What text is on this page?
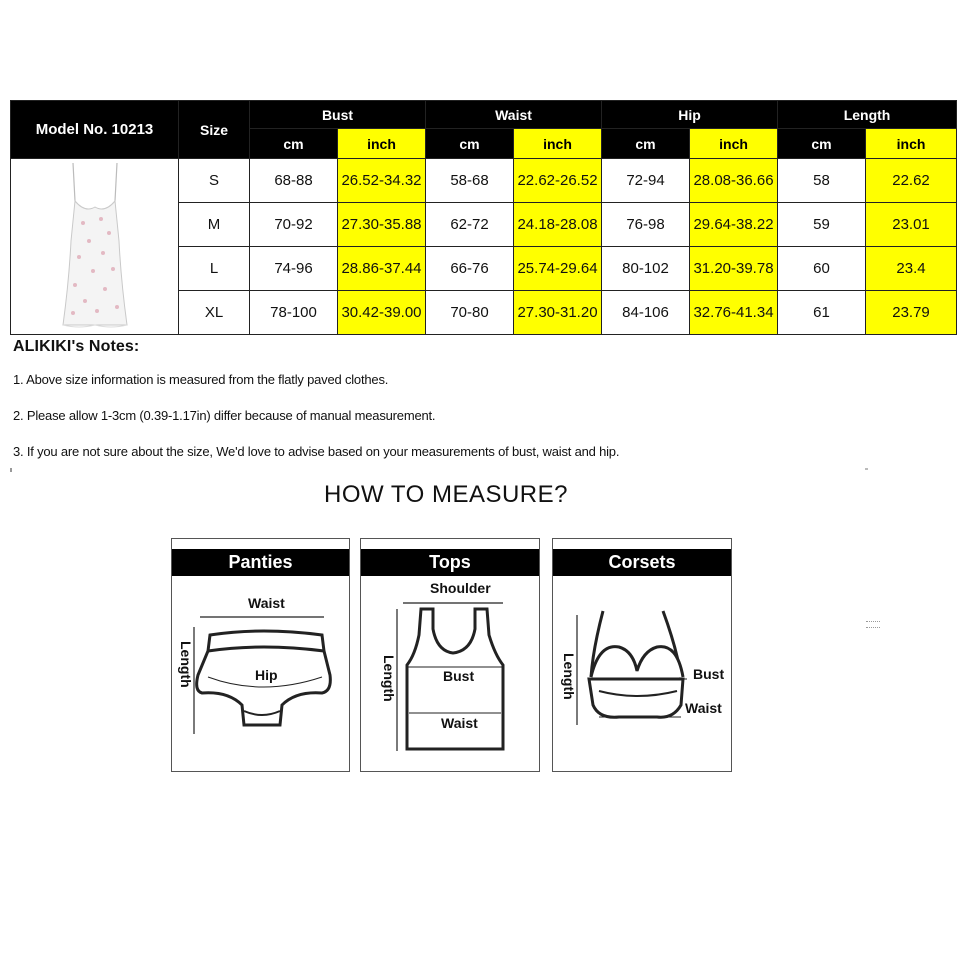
Model No. 10213	Size	Bust		Waist		Hip		Length	
		cm	inch	cm	inch	cm	inch	cm	inch

	S	68-88	26.52-34.32	58-68	22.62-26.52	72-94	28.08-36.66	58	22.62
	M	70-92	27.30-35.88	62-72	24.18-28.08	76-98	29.64-38.22	59	23.01
	L	74-96	28.86-37.44	66-76	25.74-29.64	80-102	31.20-39.78	60	23.4
	XL	78-100	30.42-39.00	70-80	27.30-31.20	84-106	32.76-41.34	61	23.79
ALIKIKI's Notes:
1. Above size information is measured from the flatly paved clothes.
2. Please allow 1-3cm (0.39-1.17in) differ because of manual measurement.
3. If you are not sure about the size, We'd love to advise based on your measurements of bust, waist and hip.
HOW TO MEASURE?
Panties
Waist
Hip
Length
Tops
Shoulder
Bust
Waist
Length
Corsets
Bust
Waist
Length
